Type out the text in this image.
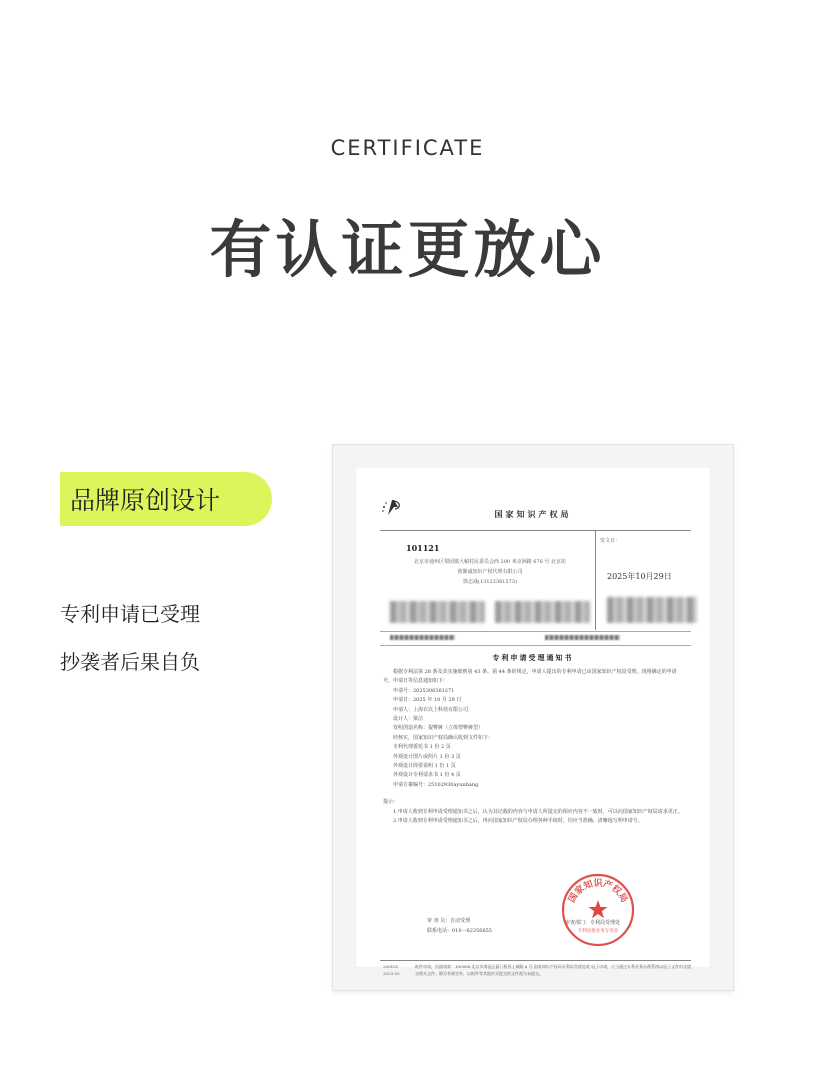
CERTIFICATE
有认证更放心
品牌原创设计
专利申请已受理
抄袭者后果自负
国家知识产权局
101121
北京市通州区梨园镇大稿村民委员会西 200 米京洲路 676 号 北京坊
创聚诚知识产权代理有限公司
徐志彧(13122381573)
发文日：
2025年10月29日
专利申请受理通知书
根据专利法第 28 条及其实施细则第 43 条、第 44 条的规定，申请人提出的专利申请已由国家知识产权局受理。现将确定的申请号、申请日等信息通知如下：
申请号：2025306361271
申请日：2025 年 10 月 29 日
申请人：上海衣以上科技有限公司
设计人：梁洁
发明创造名称：提臀裤（立体塑臀裤型）
经核实，国家知识产权局确认收到文件如下：
专利代理委托书 1 份 2 页
外观设计图片或照片 1 份 3 页
外观设计简要说明 1 份 1 页
外观设计专利请求书 1 份 4 页
申请方案编号：25102930ayunhang
提示：
1.申请人收到专利申请受理通知书之后，认为其记载的内容与申请人所提交的相应内容不一致时，可以向国家知识产权局请求更正。
2.申请人收到专利申请受理通知书之后，再向国家知识产权局办理各种手续时，均应当准确、清晰地写明申请号。
审 查 员：自动受理
联系电话：010－62356655
审查部门：专利局受理处
国家知识产权局
专利审批业务专用章
200101
2023.03
纸件申请，回函请寄：100088 北京市海淀区蓟门桥西土城路 6 号 国家知识产权局专利局受理处收 电子申请，应当通过专利业务办理系统以电子文件形式提交相关文件。除另有规定外，以纸件等其他形式提交的文件视为未提交。
